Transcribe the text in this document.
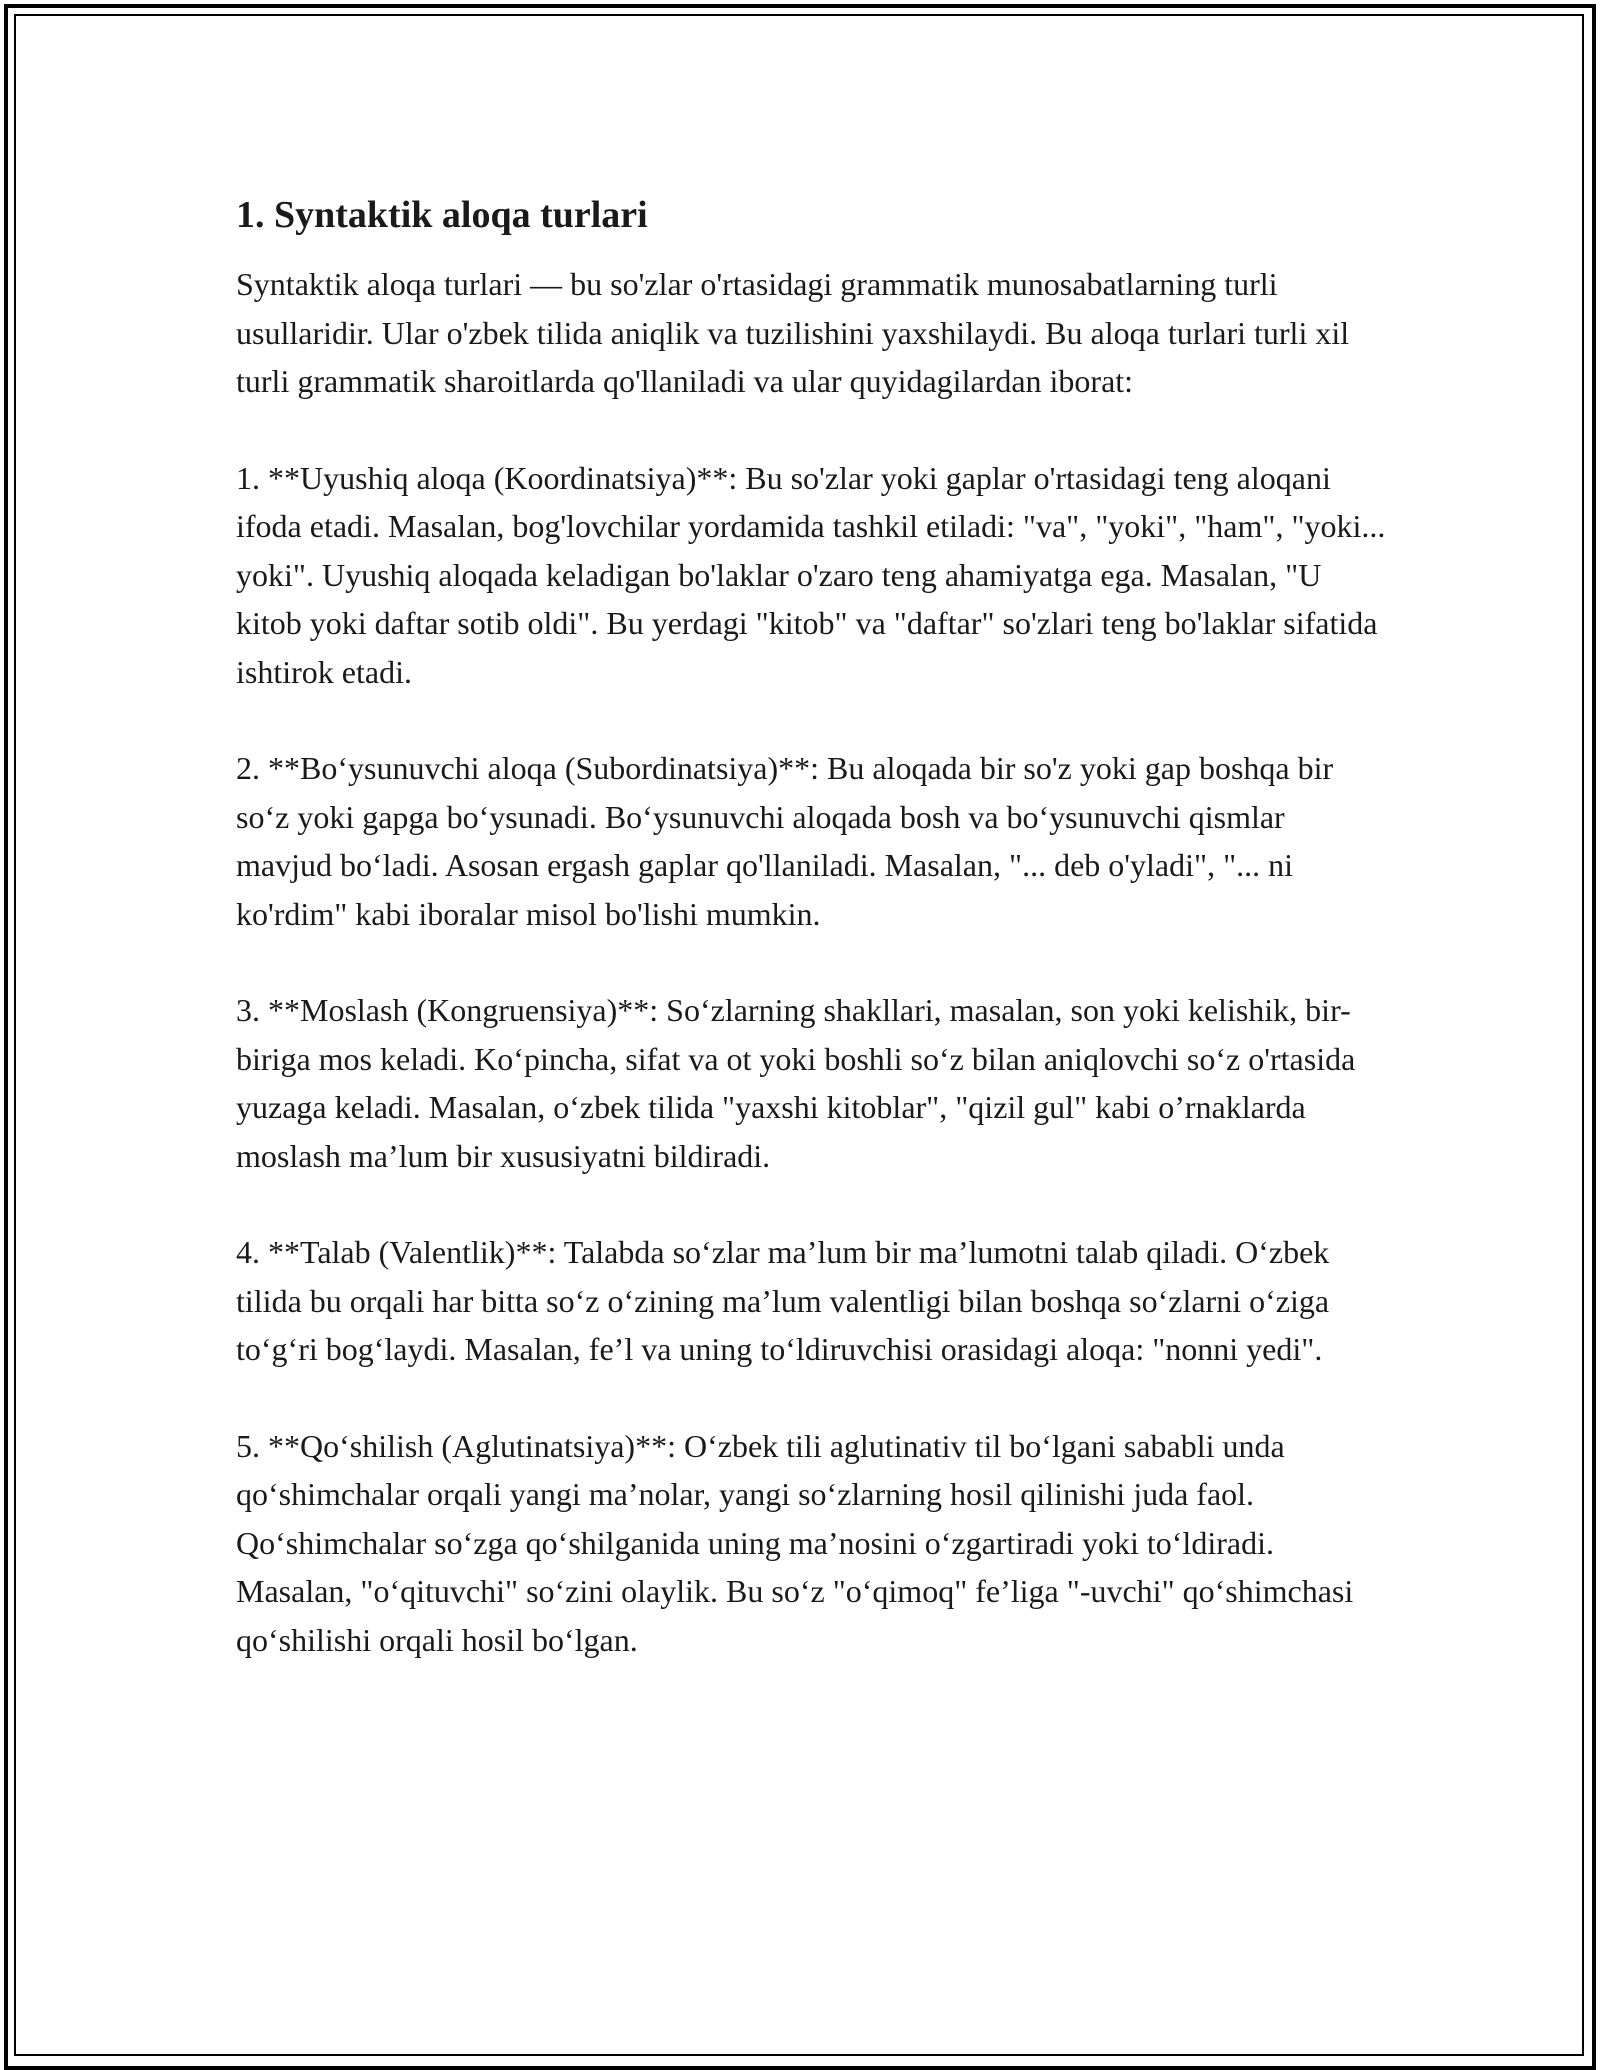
1. Syntaktik aloqa turlari

Syntaktik aloqa turlari — bu so'zlar o'rtasidagi grammatik munosabatlarning turli usullaridir. Ular o'zbek tilida aniqlik va tuzilishini yaxshilaydi. Bu aloqa turlari turli xil turli grammatik sharoitlarda qo'llaniladi va ular quyidagilardan iborat:

1. **Uyushiq aloqa (Koordinatsiya)**: Bu so'zlar yoki gaplar o'rtasidagi teng aloqani ifoda etadi. Masalan, bog'lovchilar yordamida tashkil etiladi: "va", "yoki", "ham", "yoki... yoki". Uyushiq aloqada keladigan bo'laklar o'zaro teng ahamiyatga ega. Masalan, "U kitob yoki daftar sotib oldi". Bu yerdagi "kitob" va "daftar" so'zlari teng bo'laklar sifatida ishtirok etadi.

2. **Bo‘ysunuvchi aloqa (Subordinatsiya)**: Bu aloqada bir so'z yoki gap boshqa bir so‘z yoki gapga bo‘ysunadi. Bo‘ysunuvchi aloqada bosh va bo‘ysunuvchi qismlar mavjud bo‘ladi. Asosan ergash gaplar qo'llaniladi. Masalan, "... deb o'yladi", "... ni ko'rdim" kabi iboralar misol bo'lishi mumkin.

3. **Moslash (Kongruensiya)**: So‘zlarning shakllari, masalan, son yoki kelishik, bir-biriga mos keladi. Ko‘pincha, sifat va ot yoki boshli so‘z bilan aniqlovchi so‘z o'rtasida yuzaga keladi. Masalan, o‘zbek tilida "yaxshi kitoblar", "qizil gul" kabi o’rnaklarda moslash ma’lum bir xususiyatni bildiradi.

4. **Talab (Valentlik)**: Talabda so‘zlar ma’lum bir ma’lumotni talab qiladi. O‘zbek tilida bu orqali har bitta so‘z o‘zining ma’lum valentligi bilan boshqa so‘zlarni o‘ziga to‘g‘ri bog‘laydi. Masalan, fe’l va uning to‘ldiruvchisi orasidagi aloqa: "nonni yedi".

5. **Qo‘shilish (Aglutinatsiya)**: O‘zbek tili aglutinativ til bo‘lgani sababli unda qo‘shimchalar orqali yangi ma’nolar, yangi so‘zlarning hosil qilinishi juda faol. Qo‘shimchalar so‘zga qo‘shilganida uning ma’nosini o‘zgartiradi yoki to‘ldiradi. Masalan, "o‘qituvchi" so‘zini olaylik. Bu so‘z "o‘qimoq" fe’liga "-uvchi" qo‘shimchasi qo‘shilishi orqali hosil bo‘lgan.
